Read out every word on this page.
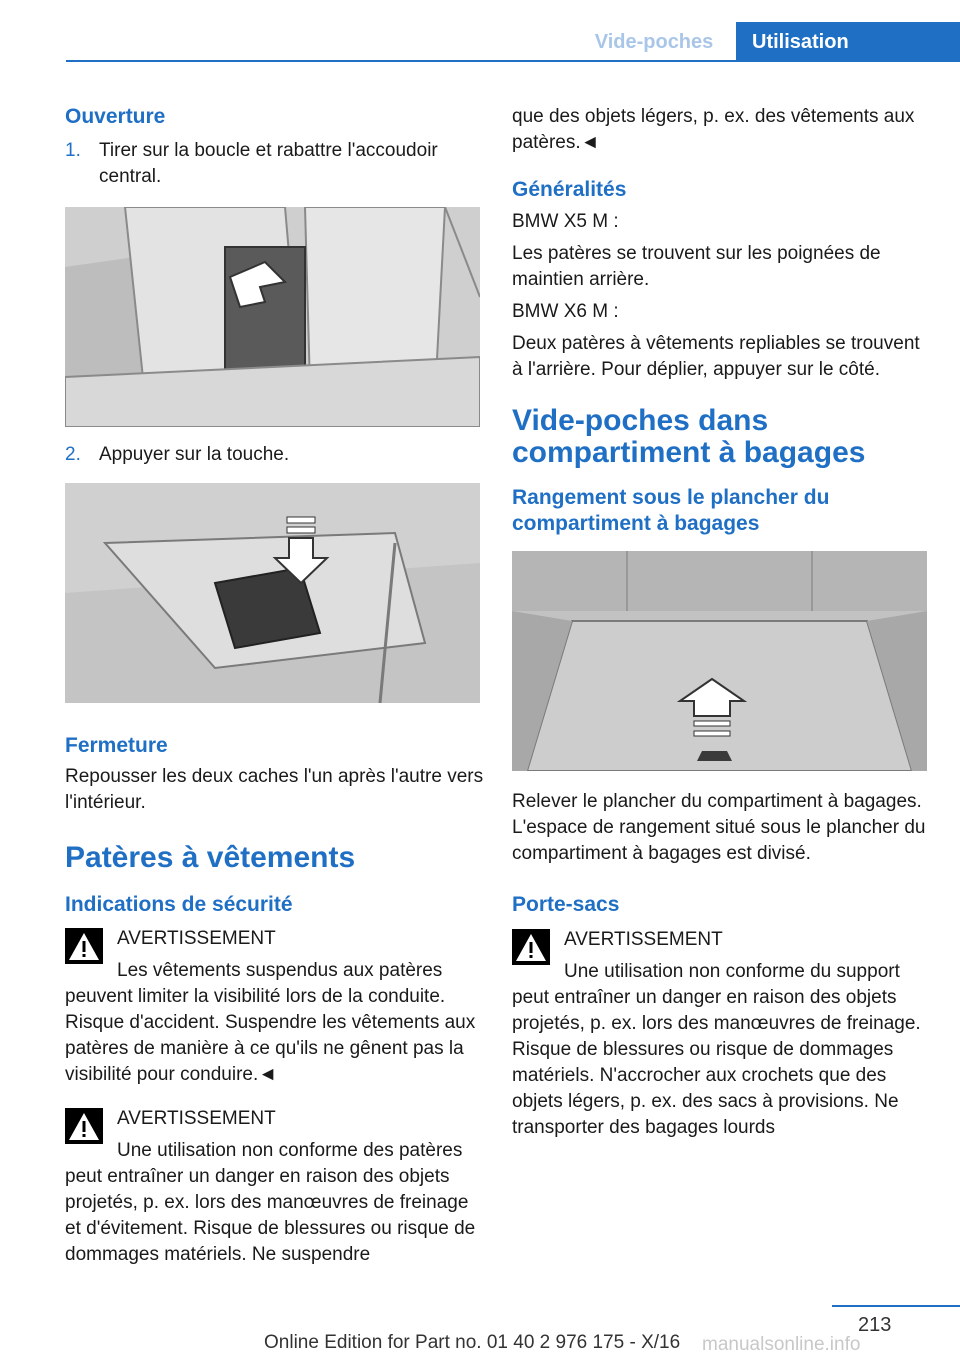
Vide-poches	Utilisation
Ouverture
1. Tirer sur la boucle et rabattre l'accoudoir central.
2. Appuyer sur la touche.
Fermeture

Repousser les deux caches l'un après l'autre vers l'intérieur.

Patères à vêtements
Indications de sécurité
AVERTISSEMENT
Les vêtements suspendus aux patères
peuvent limiter la visibilité lors de la conduite. Risque d'accident. Suspendre les vêtements aux patères de manière à ce qu'ils ne gênent pas la visibilité pour conduire.◄
AVERTISSEMENT
Une utilisation non conforme des patères
peut entraîner un danger en raison des objets projetés, p. ex. lors des manœuvres de freinage et d'évitement. Risque de blessures ou risque de dommages matériels. Ne suspendre

que des objets légers, p. ex. des vêtements aux patères.◄

Généralités

BMW X5 M :

Les patères se trouvent sur les poignées de maintien arrière.

BMW X6 M :

Deux patères à vêtements repliables se trouvent à l'arrière. Pour déplier, appuyer sur le côté.

Vide-poches dans compartiment à bagages
Rangement sous le plancher du compartiment à bagages

Relever le plancher du compartiment à bagages. L'espace de rangement situé sous le plancher du compartiment à bagages est divisé.

Porte-sacs
AVERTISSEMENT
Une utilisation non conforme du support
peut entraîner un danger en raison des objets projetés, p. ex. lors des manœuvres de freinage. Risque de blessures ou risque de dommages matériels. N'accrocher aux crochets que des objets légers, p. ex. des sacs à provisions. Ne transporter des bagages lourds
213
Online Edition for Part no. 01 40 2 976 175 - X/16 manualsonline.info
